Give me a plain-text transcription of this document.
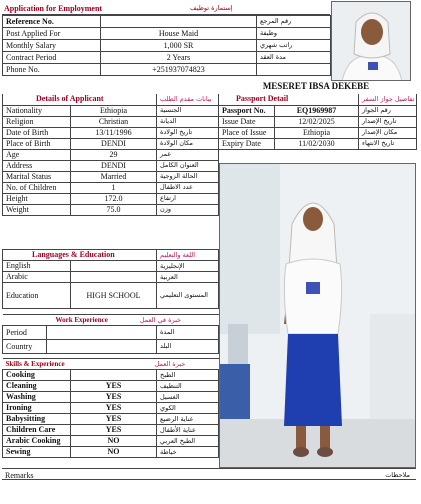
Application for Employment	إستمارة توظيف
Reference No.		رقم المرجع
Post Applied For	House Maid	وظيفة
Monthly Salary	1,000 SR	راتب شهري
Contract Period	2 Years	مدة العقد
Phone No.	+251937074823	
MESERET IBSA DEKEBE
Details of Applicant		بيانات مقدم الطلب
Nationality	Ethiopia	الجنسية
Religion	Christian	الديانة
Date of Birth	13/11/1996	تاريخ الولادة
Place of Birth	DENDI	مكان الولادة
Age	29	عمر
Address	DENDI	العنوان الكامل
Marital Status	Married	الحالة الزوجية
No. of Children	1	عدد الاطفال
Height	172.0	ارتفاع
Weight	75.0	وزن
Passport Detail		تفاصيل جواز السفر
Passport No.	EQ1969987	رقم الجواز
Issue Date	12/02/2025	تاريخ الإصدار
Place of Issue	Ethiopia	مكان الإصدار
Expiry Date	11/02/2030	تاريخ الانتهاء
Languages & Education		اللغة والتعليم
English		الإنجليزية
Arabic		العربية
Education	HIGH SCHOOL	المستوى التعليمي
Work Experience خبرة في العمل		
Period		المدة
Country		البلد
Skills & Experience خبرة العمل		
Cooking		الطبخ
Cleaning	YES	التنظيف
Washing	YES	الغسيل
Ironing	YES	الكوي
Babysitting	YES	عناية الرضيع
Children Care	YES	عناية الأطفال
Arabic Cooking	NO	الطبخ العربي
Sewing	NO	خياطة
Remarks	ملاحظات
